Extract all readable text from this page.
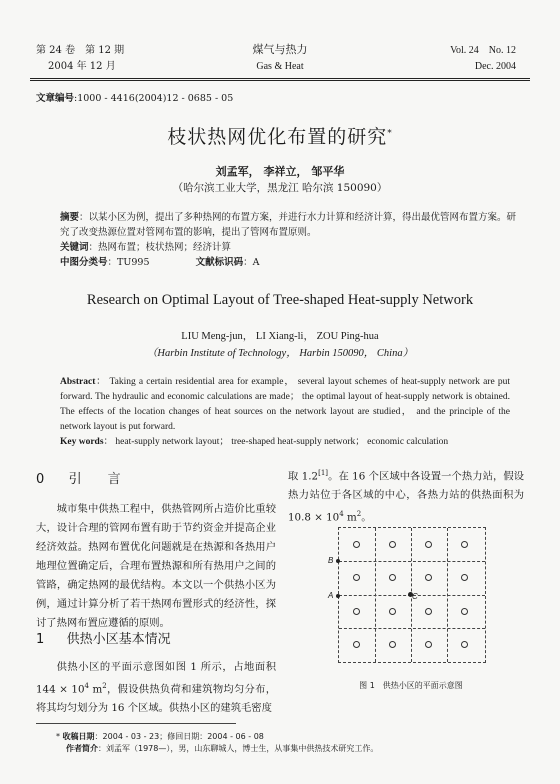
第 24 卷　第 12 期
2004 年 12 月
煤气与热力
Gas & Heat
Vol. 24　No. 12
Dec. 2004
文章编号:1000 - 4416(2004)12 - 0685 - 05
枝状热网优化布置的研究*
刘孟军， 李祥立， 邹平华
（哈尔滨工业大学，黑龙江 哈尔滨 150090）
摘要：以某小区为例，提出了多种热网的布置方案，并进行水力计算和经济计算，得出最优管网布置方案。研究了改变热源位置对管网布置的影响，提出了管网布置原则。
关键词：热网布置；枝状热网；经济计算
中图分类号：TU995	文献标识码：A
Research on Optimal Layout of Tree-shaped Heat-supply Network
LIU Meng-jun， LI Xiang-li， ZOU Ping-hua
（Harbin Institute of Technology， Harbin 150090， China）
Abstract： Taking a certain residential area for example， several layout schemes of heat-supply network are put forward. The hydraulic and economic calculations are made； the optimal layout of heat-supply network is obtained. The effects of the location changes of heat sources on the network layout are studied， and the principle of the network layout is put forward.
Key words： heat-supply network layout； tree-shaped heat-supply network； economic calculation
0 引　　言
城市集中供热工程中，供热管网所占造价比重较大，设计合理的管网布置有助于节约资金并提高企业经济效益。热网布置优化问题就是在热源和各热用户地理位置确定后，合理布置热源和所有热用户之间的管路，确定热网的最优结构。本文以一个供热小区为例，通过计算分析了若干热网布置形式的经济性，探讨了热网布置应遵循的原则。
1 供热小区基本情况
供热小区的平面示意图如图 1 所示，占地面积 $144 \times 10^4$ $m^2$，假设供热负荷和建筑物均匀分布，将其均匀划分为 16 个区域。供热小区的建筑毛密度
取 1.2[1]。在 16 个区域中各设置一个热力站，假设热力站位于各区域的中心，各热力站的供热面积为 $10.8 \times 10^4$ $m^2$。
C
B
A
图 1　供热小区的平面示意图
* 收稿日期：2004 - 03 - 23；修回日期：2004 - 06 - 08
作者简介：刘孟军（1978—），男，山东聊城人，博士生，从事集中供热技术研究工作。
